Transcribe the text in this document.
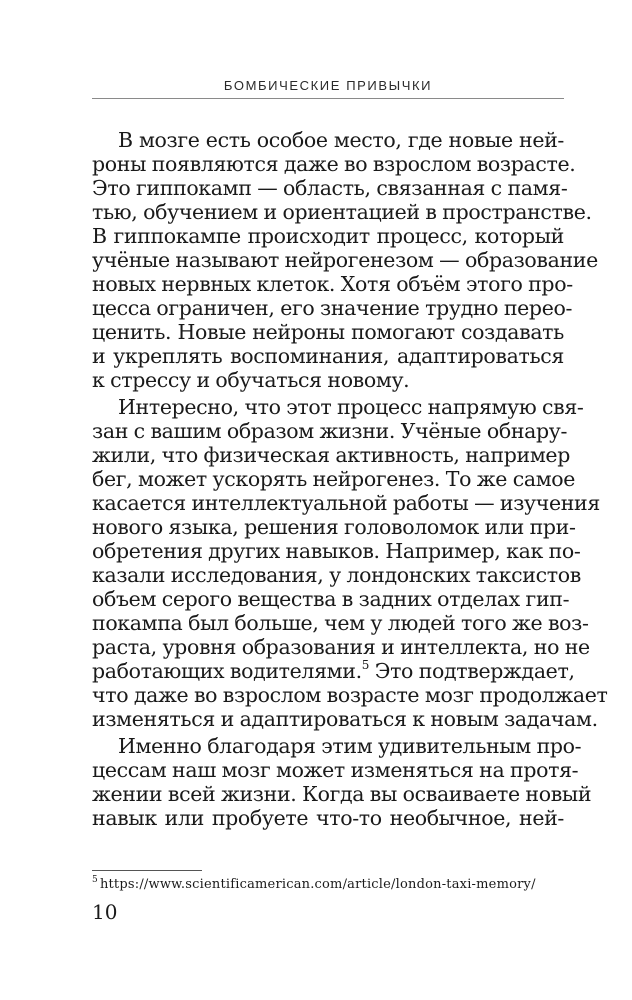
БОМБИЧЕСКИЕ ПРИВЫЧКИ
В мозге есть особое место, где новые ней-
роны появляются даже во взрослом возрасте.
Это гиппокамп — область, связанная с памя-
тью, обучением и ориентацией в пространстве.
В гиппокампе происходит процесс, который
учёные называют нейрогенезом — образование
новых нервных клеток. Хотя объём этого про-
цесса ограничен, его значение трудно перео-
ценить. Новые нейроны помогают создавать
и укреплять воспоминания, адаптироваться
к стрессу и обучаться новому.
Интересно, что этот процесс напрямую свя-
зан с вашим образом жизни. Учёные обнару-
жили, что физическая активность, например
бег, может ускорять нейрогенез. То же самое
касается интеллектуальной работы — изучения
нового языка, решения головоломок или при-
обретения других навыков. Например, как по-
казали исследования, у лондонских таксистов
объем серого вещества в задних отделах гип-
покампа был больше, чем у людей того же воз-
раста, уровня образования и интеллекта, но не
работающих водителями.$^5$ Это подтверждает,
что даже во взрослом возрасте мозг продолжает
изменяться и адаптироваться к новым задачам.
Именно благодаря этим удивительным про-
цессам наш мозг может изменяться на протя-
жении всей жизни. Когда вы осваиваете новый
навык или пробуете что-то необычное, ней-
$^5$ https://www.scientificamerican.com/article/london-taxi-memory/
10
